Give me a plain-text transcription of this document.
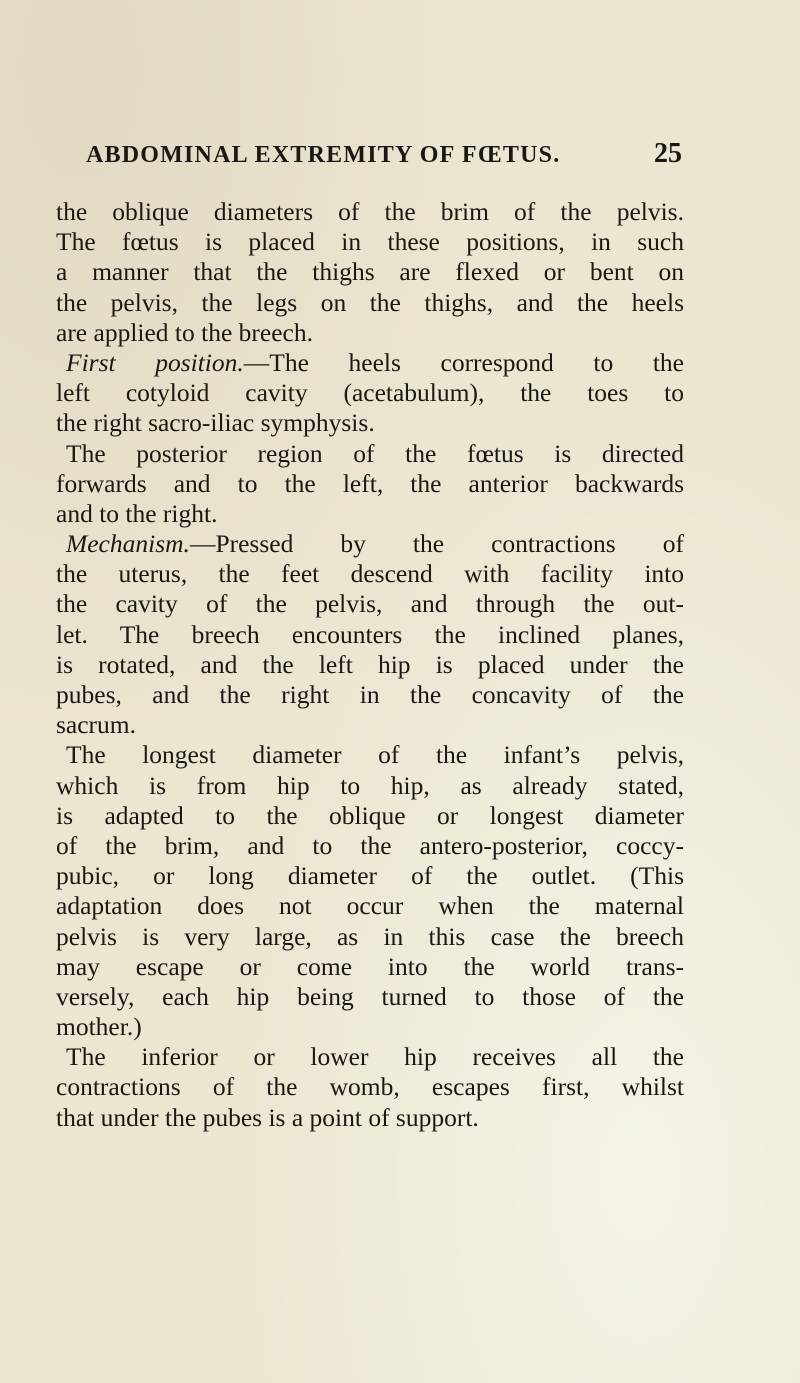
ABDOMINAL EXTREMITY OF FŒTUS.	25
the oblique diameters of the brim of the pelvis.
The fœtus is placed in these positions, in such
a manner that the thighs are flexed or bent on
the pelvis, the legs on the thighs, and the heels
are applied to the breech.
First position.—The heels correspond to the
left cotyloid cavity (acetabulum), the toes to
the right sacro-iliac symphysis.
The posterior region of the fœtus is directed
forwards and to the left, the anterior backwards
and to the right.
Mechanism.—Pressed by the contractions of
the uterus, the feet descend with facility into
the cavity of the pelvis, and through the out-
let. The breech encounters the inclined planes,
is rotated, and the left hip is placed under the
pubes, and the right in the concavity of the
sacrum.
The longest diameter of the infant’s pelvis,
which is from hip to hip, as already stated,
is adapted to the oblique or longest diameter
of the brim, and to the antero-posterior, coccy-
pubic, or long diameter of the outlet. (This
adaptation does not occur when the maternal
pelvis is very large, as in this case the breech
may escape or come into the world trans-
versely, each hip being turned to those of the
mother.)
The inferior or lower hip receives all the
contractions of the womb, escapes first, whilst
that under the pubes is a point of support.
